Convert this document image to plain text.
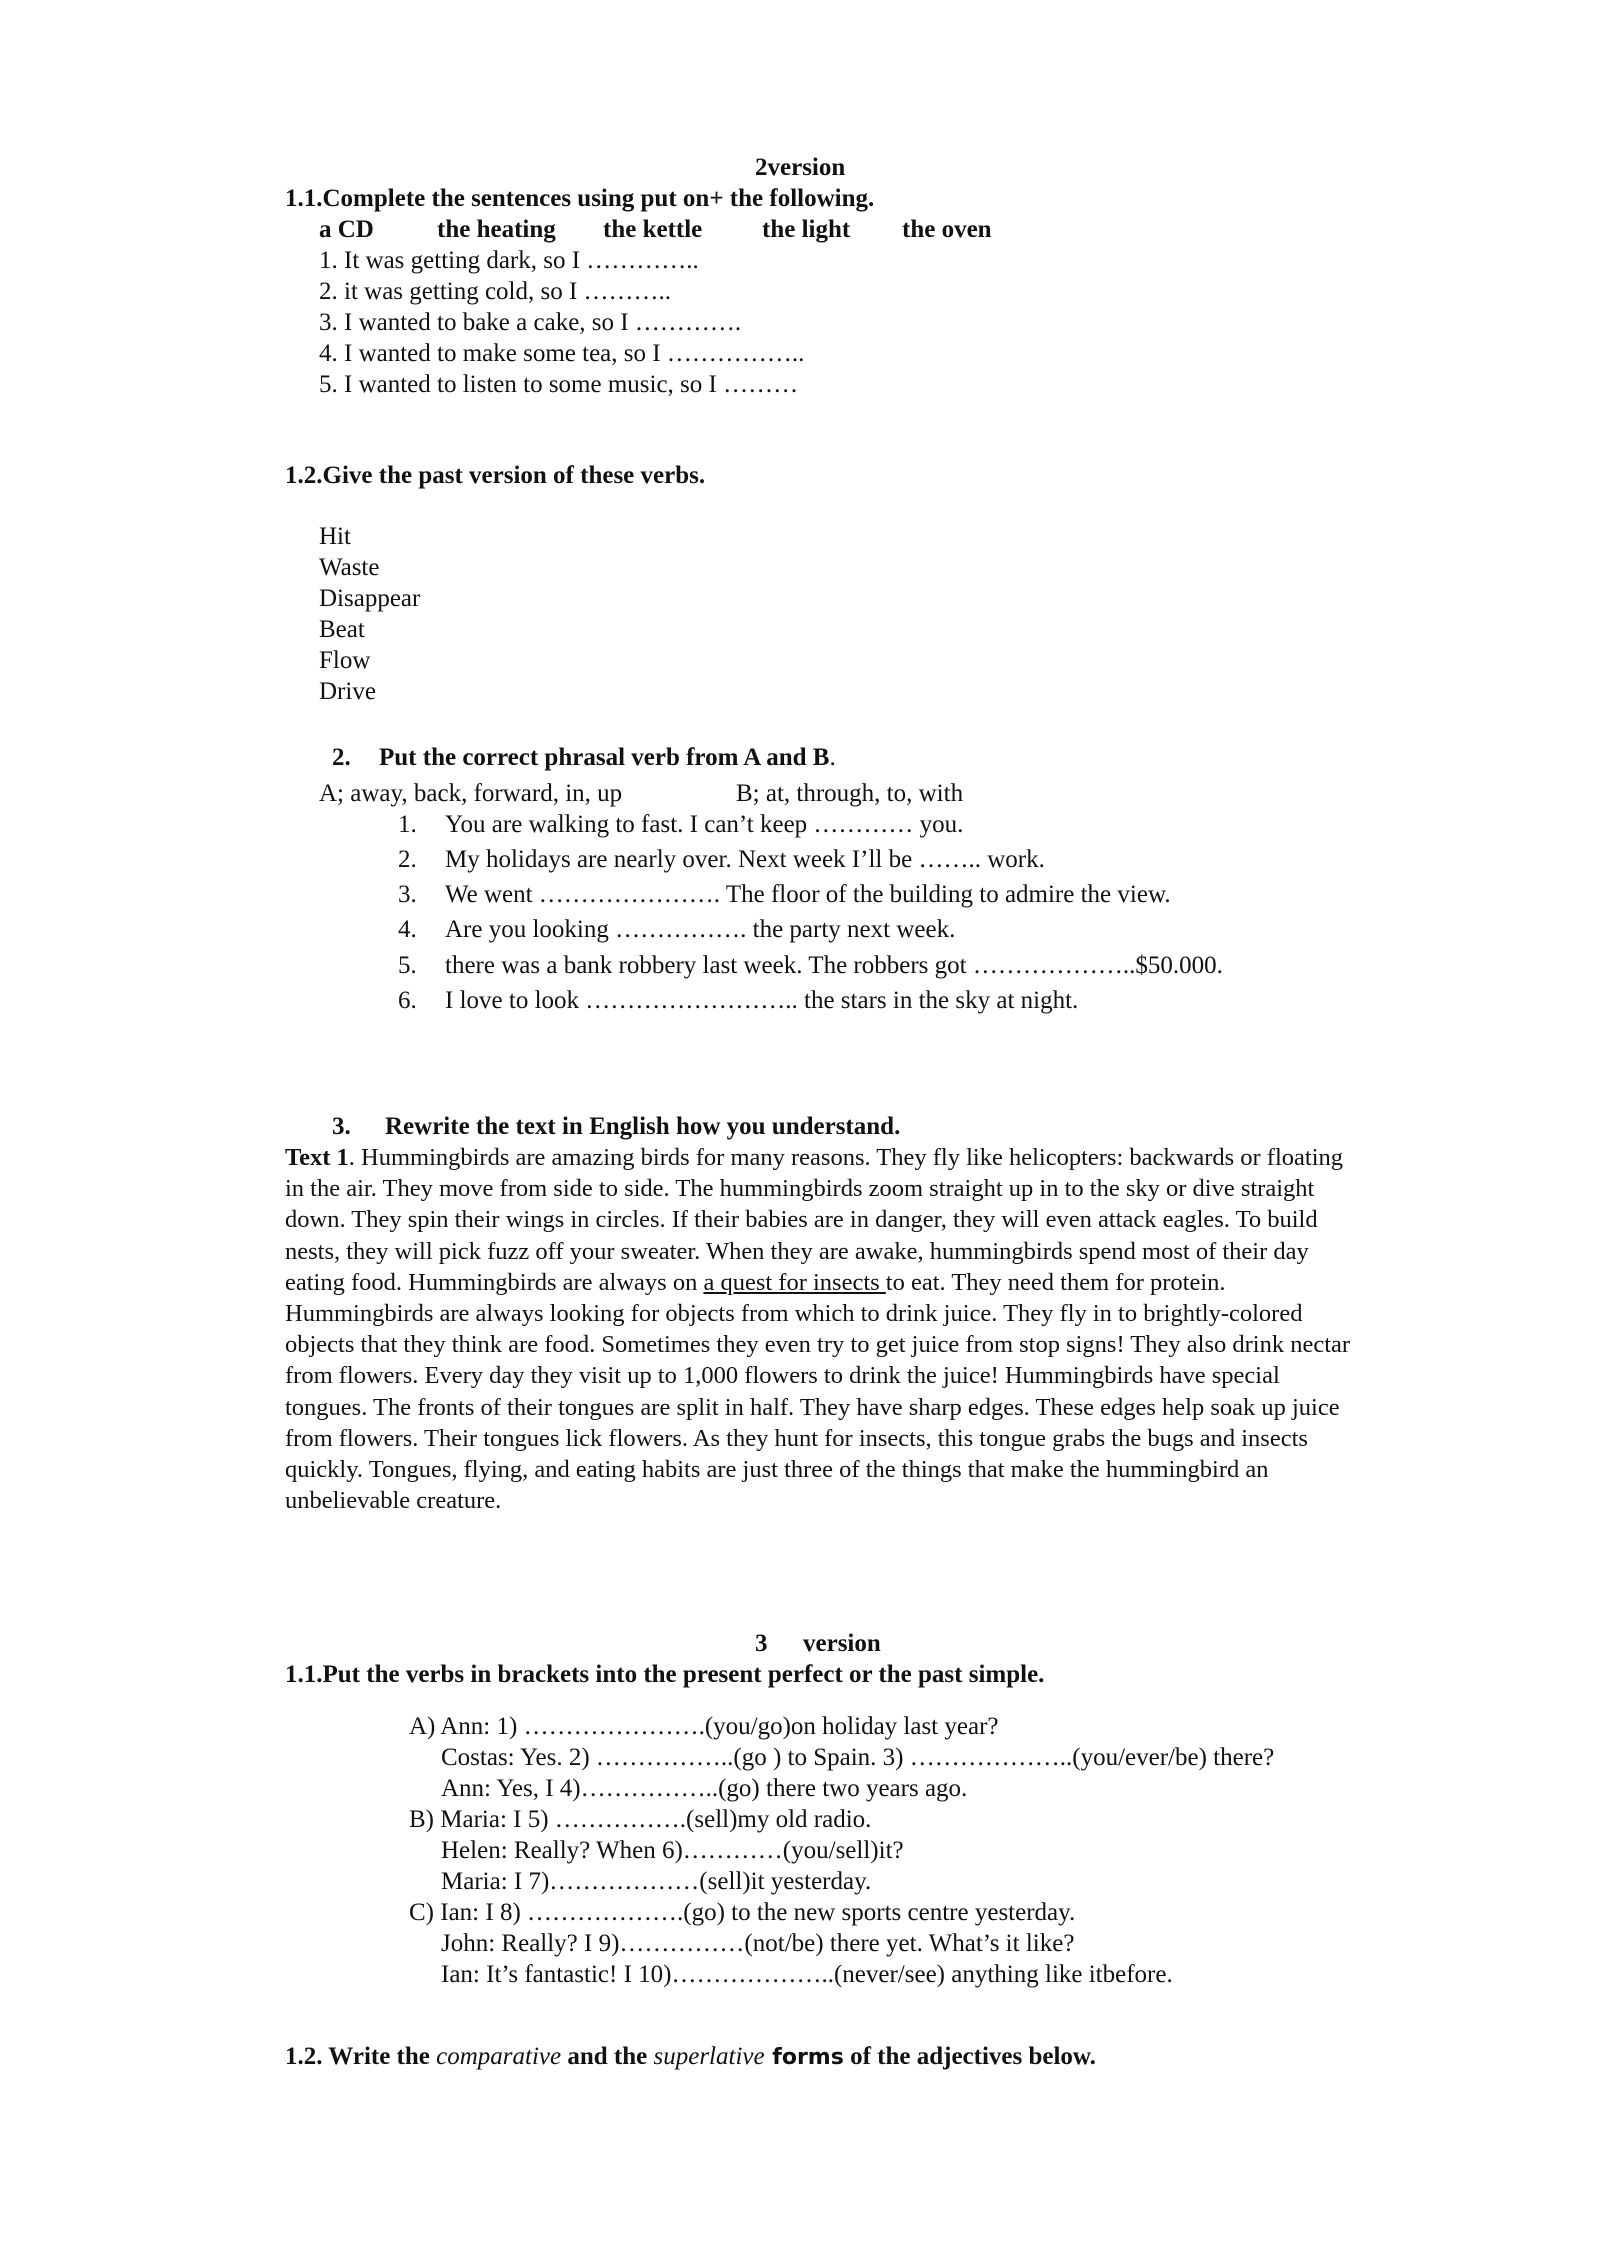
2version
1.1.Complete the sentences using put on+ the following.
a CD	the heating the kettle the light the oven
1. It was getting dark, so I …………..
2. it was getting cold, so I ………..
3. I wanted to bake a cake, so I ………….
4. I wanted to make some tea, so I ……………..
5. I wanted to listen to some music, so I ………
1.2.Give the past version of these verbs.
Hit
Waste
Disappear
Beat
Flow
Drive
2. Put the correct phrasal verb from A and B.
A; away, back, forward, in, up	B; at, through, to, with
1. You are walking to fast. I can’t keep ………… you.
2. My holidays are nearly over. Next week I’ll be …….. work.
3. We went …………………. The floor of the building to admire the view.
4. Are you looking ……………. the party next week.
5. there was a bank robbery last week. The robbers got ………………..$50.000.
6. I love to look …………………….. the stars in the sky at night.
3. Rewrite the text in English how you understand.
Text 1. Hummingbirds are amazing birds for many reasons. They fly like helicopters: backwards or floating
in the air. They move from side to side. The hummingbirds zoom straight up in to the sky or dive straight
down. They spin their wings in circles. If their babies are in danger, they will even attack eagles. To build
nests, they will pick fuzz off your sweater. When they are awake, hummingbirds spend most of their day
eating food. Hummingbirds are always on a quest for insects to eat. They need them for protein.
Hummingbirds are always looking for objects from which to drink juice. They fly in to brightly-colored
objects that they think are food. Sometimes they even try to get juice from stop signs! They also drink nectar
from flowers. Every day they visit up to 1,000 flowers to drink the juice! Hummingbirds have special
tongues. The fronts of their tongues are split in half. They have sharp edges. These edges help soak up juice
from flowers. Their tongues lick flowers. As they hunt for insects, this tongue grabs the bugs and insects
quickly. Tongues, flying, and eating habits are just three of the things that make the hummingbird an
unbelievable creature.
3 version
1.1.Put the verbs in brackets into the present perfect or the past simple.
A) Ann: 1) ………………….(you/go)on holiday last year?
Costas: Yes. 2) ……………..(go ) to Spain. 3) ………………..(you/ever/be) there?
Ann: Yes, I 4)……………..(go) there two years ago.
B) Maria: I 5) …………….(sell)my old radio.
Helen: Really? When 6)…………(you/sell)it?
Maria: I 7)………………(sell)it yesterday.
C) Ian: I 8) ……………….(go) to the new sports centre yesterday.
John: Really? I 9)……………(not/be) there yet. What’s it like?
Ian: It’s fantastic! I 10)………………..(never/see) anything like itbefore.
1.2. Write the comparative and the superlative forms of the adjectives below.
